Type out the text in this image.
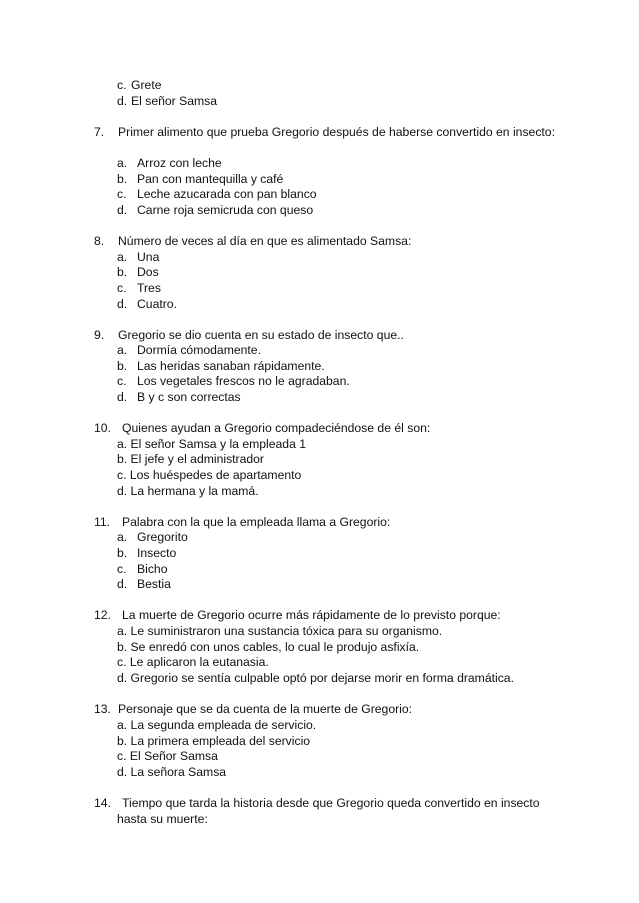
c. Grete
d. El señor Samsa
7. Primer alimento que prueba Gregorio después de haberse convertido en insecto:
a. Arroz con leche
b. Pan con mantequilla y café
c. Leche azucarada con pan blanco
d. Carne roja semicruda con queso
8. Número de veces al día en que es alimentado Samsa:
a. Una
b. Dos
c. Tres
d. Cuatro.
9. Gregorio se dio cuenta en su estado de insecto que..
a. Dormía cómodamente.
b. Las heridas sanaban rápidamente.
c. Los vegetales frescos no le agradaban.
d. B y c son correctas
10. Quienes ayudan a Gregorio compadeciéndose de él son:
a. El señor Samsa y la empleada 1
b. El jefe y el administrador
c. Los huéspedes de apartamento
d. La hermana y la mamá.
11. Palabra con la que la empleada llama a Gregorio:
a. Gregorito
b. Insecto
c. Bicho
d. Bestia
12. La muerte de Gregorio ocurre más rápidamente de lo previsto porque:
a. Le suministraron una sustancia tóxica para su organismo.
b. Se enredó con unos cables, lo cual le produjo asfixía.
c. Le aplicaron la eutanasia.
d. Gregorio se sentía culpable optó por dejarse morir en forma dramática.
13. Personaje que se da cuenta de la muerte de Gregorio:
a. La segunda empleada de servicio.
b. La primera empleada del servicio
c. El Señor Samsa
d. La señora Samsa
14. Tiempo que tarda la historia desde que Gregorio queda convertido en insecto
hasta su muerte:
